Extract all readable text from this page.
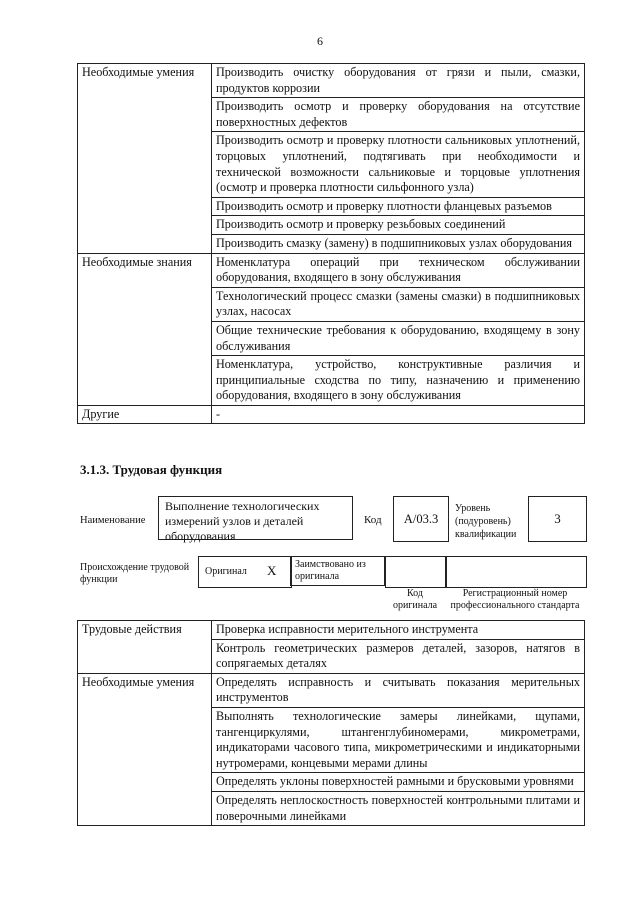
6
Необходимые умения	Производить очистку оборудования от грязи и пыли, смазки, продуктов коррозии
	Производить осмотр и проверку оборудования на отсутствие поверхностных дефектов
	Производить осмотр и проверку плотности сальниковых уплотнений, торцовых уплотнений, подтягивать при необходимости и технической возможности сальниковые и торцовые уплотнения (осмотр и проверка плотности сильфонного узла)
	Производить осмотр и проверку плотности фланцевых разъемов
	Производить осмотр и проверку резьбовых соединений
	Производить смазку (замену) в подшипниковых узлах оборудования
Необходимые знания	Номенклатура операций при техническом обслуживании оборудования, входящего в зону обслуживания
	Технологический процесс смазки (замены смазки) в подшипниковых узлах, насосах
	Общие технические требования к оборудованию, входящему в зону обслуживания
	Номенклатура, устройство, конструктивные различия и принципиальные сходства по типу, назначению и применению оборудования, входящего в зону обслуживания
Другие	-
3.1.3. Трудовая функция
Наименование
Выполнение технологических измерений узлов и деталей оборудования
Код	A/03.3
Уровень (подуровень) квалификации
3
Происхождение трудовой функции
Оригинал X	Заимствовано из оригинала
Код оригинала
Регистрационный номер профессионального стандарта
Трудовые действия	Проверка исправности мерительного инструмента
	Контроль геометрических размеров деталей, зазоров, натягов в сопрягаемых деталях
Необходимые умения	Определять исправность и считывать показания мерительных инструментов
	Выполнять технологические замеры линейками, щупами, тангенциркулями, штангенглубиномерами, микрометрами, индикаторами часового типа, микрометрическими и индикаторными нутромерами, концевыми мерами длины
	Определять уклоны поверхностей рамными и брусковыми уровнями
	Определять неплоскостность поверхностей контрольными плитами и поверочными линейками
